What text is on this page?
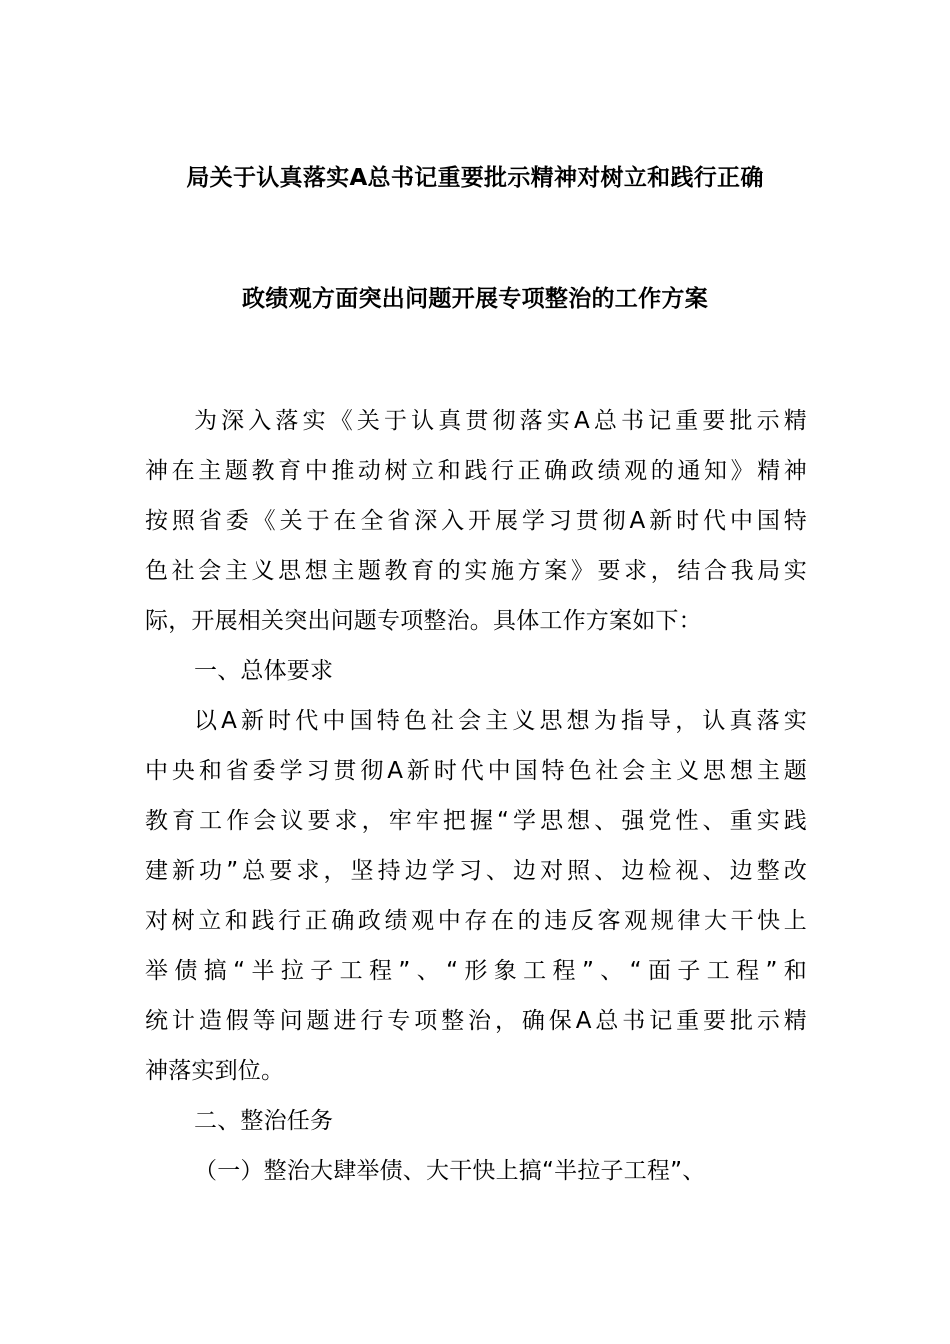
局关于认真落实A总书记重要批示精神对树立和践行正确
政绩观方面突出问题开展专项整治的工作方案
为深入落实《关于认真贯彻落实A总书记重要批示精
神在主题教育中推动树立和践行正确政绩观的通知》精神
按照省委《关于在全省深入开展学习贯彻A新时代中国特
色社会主义思想主题教育的实施方案》要求，结合我局实
际，开展相关突出问题专项整治。具体工作方案如下：
一、总体要求
以A新时代中国特色社会主义思想为指导，认真落实
中央和省委学习贯彻A新时代中国特色社会主义思想主题
教育工作会议要求，牢牢把握“学思想、强党性、重实践
建新功”总要求，坚持边学习、边对照、边检视、边整改
对树立和践行正确政绩观中存在的违反客观规律大干快上
举债搞“半拉子工程”、“形象工程”、“面子工程”和
统计造假等问题进行专项整治，确保A总书记重要批示精
神落实到位。
二、整治任务
（一）整治大肆举债、大干快上搞“半拉子工程”、
